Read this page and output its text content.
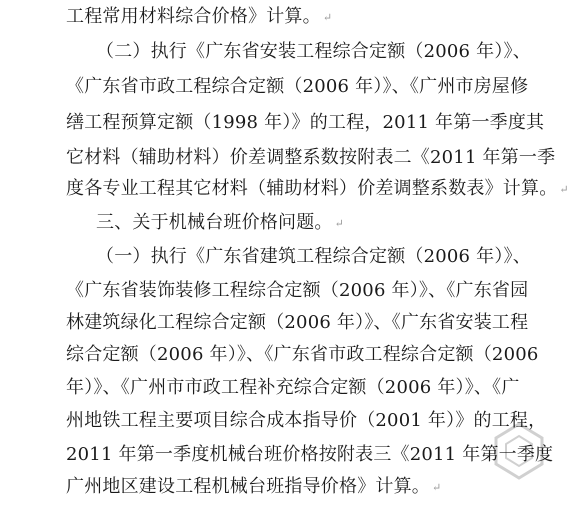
工程常用材料综合价格》计算。 ↵
（二）执行《广东省安装工程综合定额（2006 年）》、
《广东省市政工程综合定额（2006 年）》、《广州市房屋修
缮工程预算定额（1998 年）》的工程，2011 年第一季度其
它材料（辅助材料）价差调整系数按附表二《2011 年第一季
度各专业工程其它材料（辅助材料）价差调整系数表》计算。 ↵
三、关于机械台班价格问题。 ↵
（一）执行《广东省建筑工程综合定额（2006 年）》、
《广东省装饰装修工程综合定额（2006 年）》、《广东省园
林建筑绿化工程综合定额（2006 年）》、《广东省安装工程
综合定额（2006 年）》、《广东省市政工程综合定额（2006
年）》、《广州市市政工程补充综合定额（2006 年）》、《广
州地铁工程主要项目综合成本指导价（2001 年）》的工程，
2011 年第一季度机械台班价格按附表三《2011 年第一季度
广州地区建设工程机械台班指导价格》计算。 ↵
